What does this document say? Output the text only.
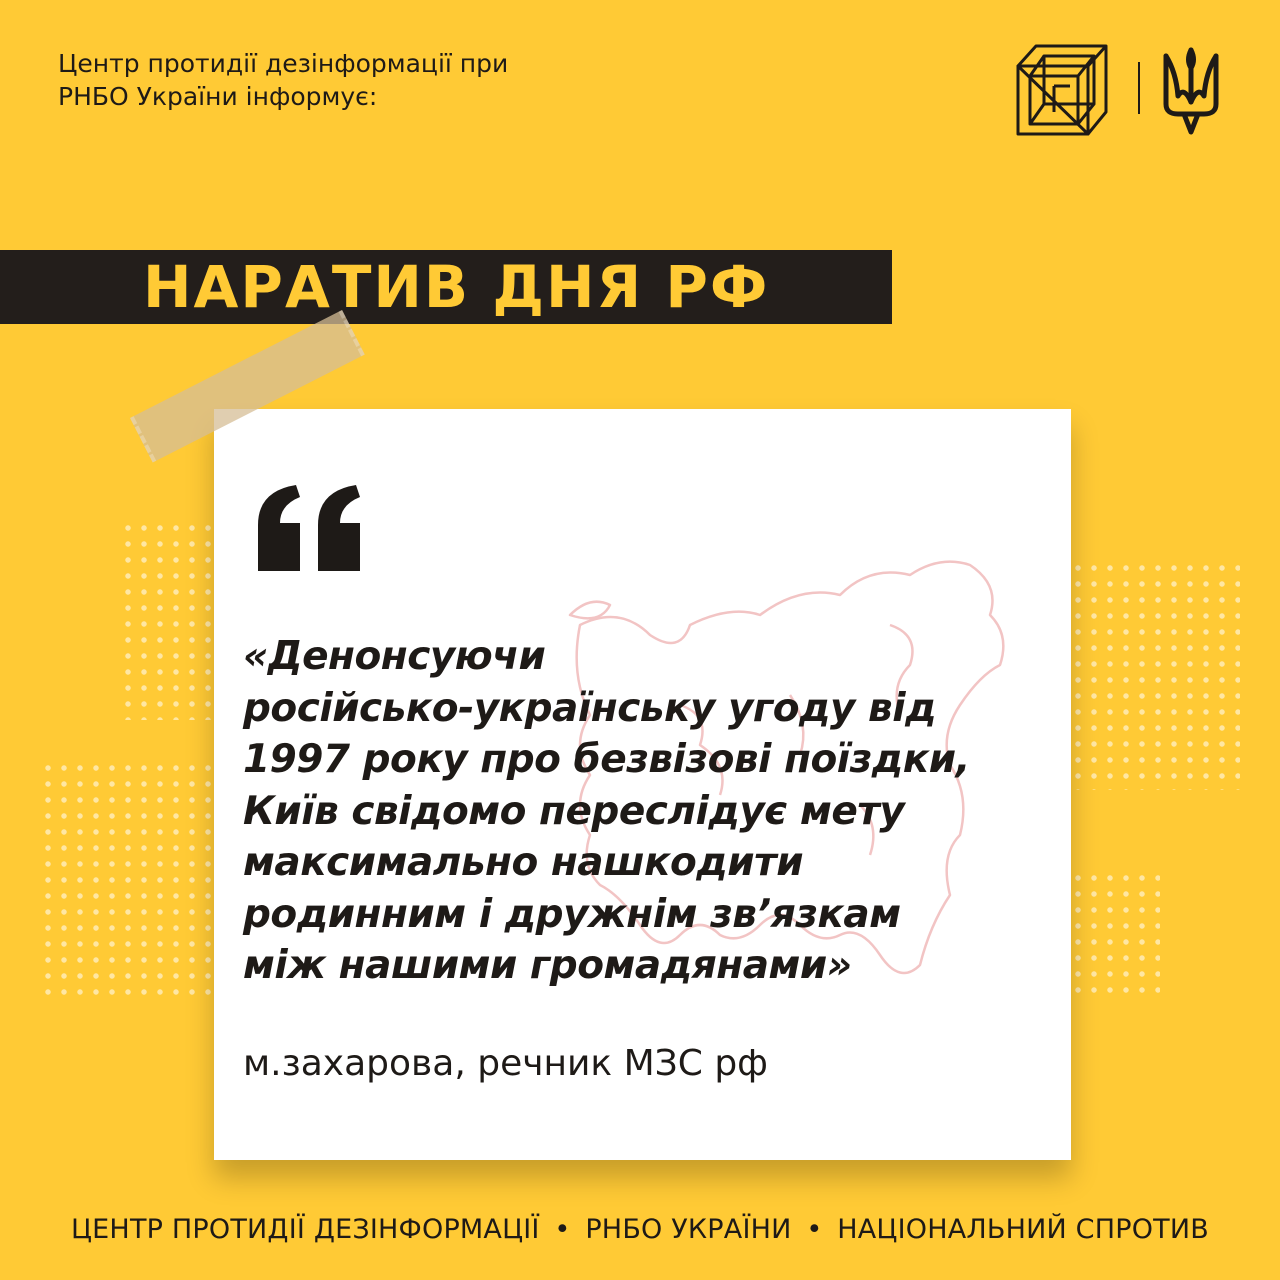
Центр протидії дезінформації при
РНБО України інформує:
НАРАТИВ ДНЯ РФ
«Денонсуючи
російсько-українську угоду від
1997 року про безвізові поїздки,
Київ свідомо переслідує мету
максимально нашкодити
родинним і дружнім зв’язкам
між нашими громадянами»
м.захарова, речник МЗС рф
ЦЕНТР ПРОТИДІЇ ДЕЗІНФОРМАЦІЇ • РНБО УКРАЇНИ • НАЦІОНАЛЬНИЙ СПРОТИВ
